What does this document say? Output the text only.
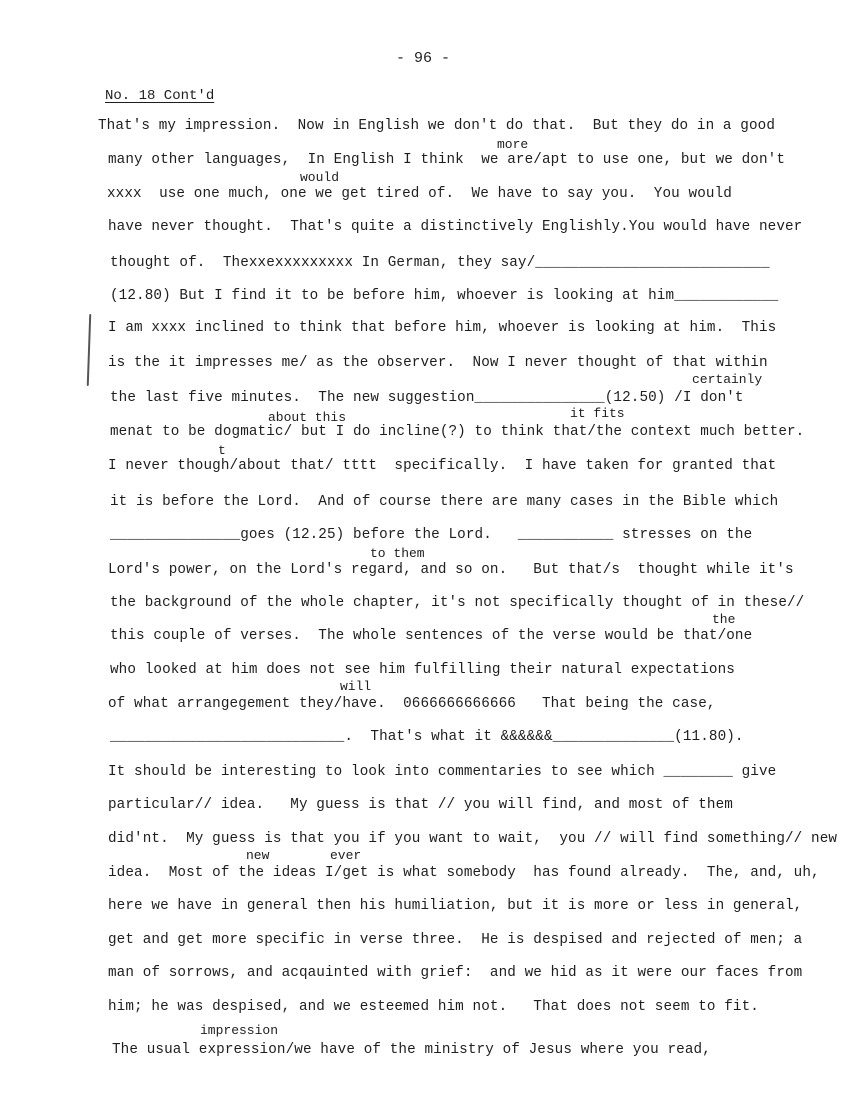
- 96 -
No. 18 Cont'd
That's my impression.  Now in English we don't do that.  But they do in a good
many other languages,  In English I think  we are/apt to use one, but we don't
xxxx  use one much, one we get tired of.  We have to say you.  You would
have never thought.  That's quite a distinctively Englishly.You would have never
thought of.  Thexxexxxxxxxxx In German, they say/___________________________
(12.80) But I find it to be before him, whoever is looking at him____________
I am xxxx inclined to think that before him, whoever is looking at him.  This
is the it impresses me/ as the observer.  Now I never thought of that within
the last five minutes.  The new suggestion_______________(12.50) /I don't
menat to be dogmatic/ but I do incline(?) to think that/the context much better.
I never though/about that/ tttt  specifically.  I have taken for granted that
it is before the Lord.  And of course there are many cases in the Bible which
_______________goes (12.25) before the Lord.   ___________ stresses on the
Lord's power, on the Lord's regard, and so on.   But that/s  thought while it's
the background of the whole chapter, it's not specifically thought of in these//
this couple of verses.  The whole sentences of the verse would be that/one
who looked at him does not see him fulfilling their natural expectations
of what arrangegement they/have.  0666666666666   That being the case,
___________________________.  That's what it &&&&&&______________(11.80).
It should be interesting to look into commentaries to see which ________ give
particular// idea.   My guess is that // you will find, and most of them
did'nt.  My guess is that you if you want to wait,  you // will find something// new
idea.  Most of the ideas I/get is what somebody  has found already.  The, and, uh,
here we have in general then his humiliation, but it is more or less in general,
get and get more specific in verse three.  He is despised and rejected of men; a
man of sorrows, and acqauinted with grief:  and we hid as it were our faces from
him; he was despised, and we esteemed him not.   That does not seem to fit.
The usual expression/we have of the ministry of Jesus where you read,
more
would
certainly
about this	it fits
t
to them
the
will
new	ever
impression
